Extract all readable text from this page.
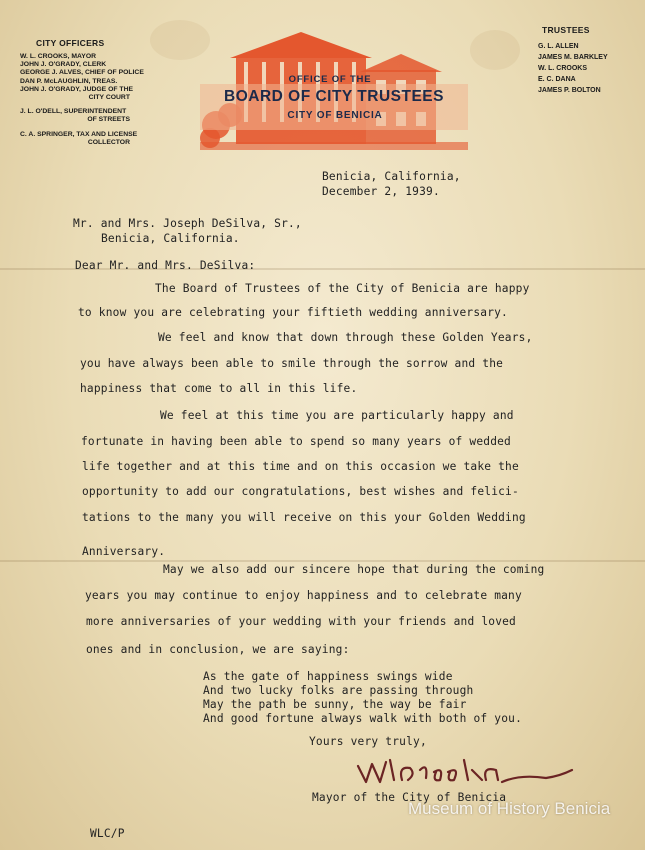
CITY OFFICERS
W. L. CROOKS, MAYOR
JOHN J. O'GRADY, CLERK
GEORGE J. ALVES, CHIEF OF POLICE
DAN P. McLAUGHLIN, TREAS.
JOHN J. O'GRADY, JUDGE OF THE
CITY COURT
J. L. O'DELL, SUPERINTENDENT
OF STREETS
C. A. SPRINGER, TAX AND LICENSE
COLLECTOR
OFFICE OF THE
BOARD OF CITY TRUSTEES
CITY OF BENICIA
TRUSTEES
G. L. ALLEN
JAMES M. BARKLEY
W. L. CROOKS
E. C. DANA
JAMES P. BOLTON
Benicia, California,
December 2, 1939.
Mr. and Mrs. Joseph DeSilva, Sr.,
Benicia, California.
Dear Mr. and Mrs. DeSilva:
The Board of Trustees of the City of Benicia are happy
to know you are celebrating your fiftieth wedding anniversary.
We feel and know that down through these Golden Years,
you have always been able to smile through the sorrow and the
happiness that come to all in this life.
We feel at this time you are particularly happy and
fortunate in having been able to spend so many years of wedded
life together and at this time and on this occasion we take the
opportunity to add our congratulations, best wishes and felici-
tations to the many you will receive on this your Golden Wedding
Anniversary.
May we also add our sincere hope that during the coming
years you may continue to enjoy happiness and to celebrate many
more anniversaries of your wedding with your friends and loved
ones and in conclusion, we are saying:
As the gate of happiness swings wide
And two lucky folks are passing through
May the path be sunny, the way be fair
And good fortune always walk with both of you.
Yours very truly,
Mayor of the City of Benicia
WLC/P
Museum of History Benicia
